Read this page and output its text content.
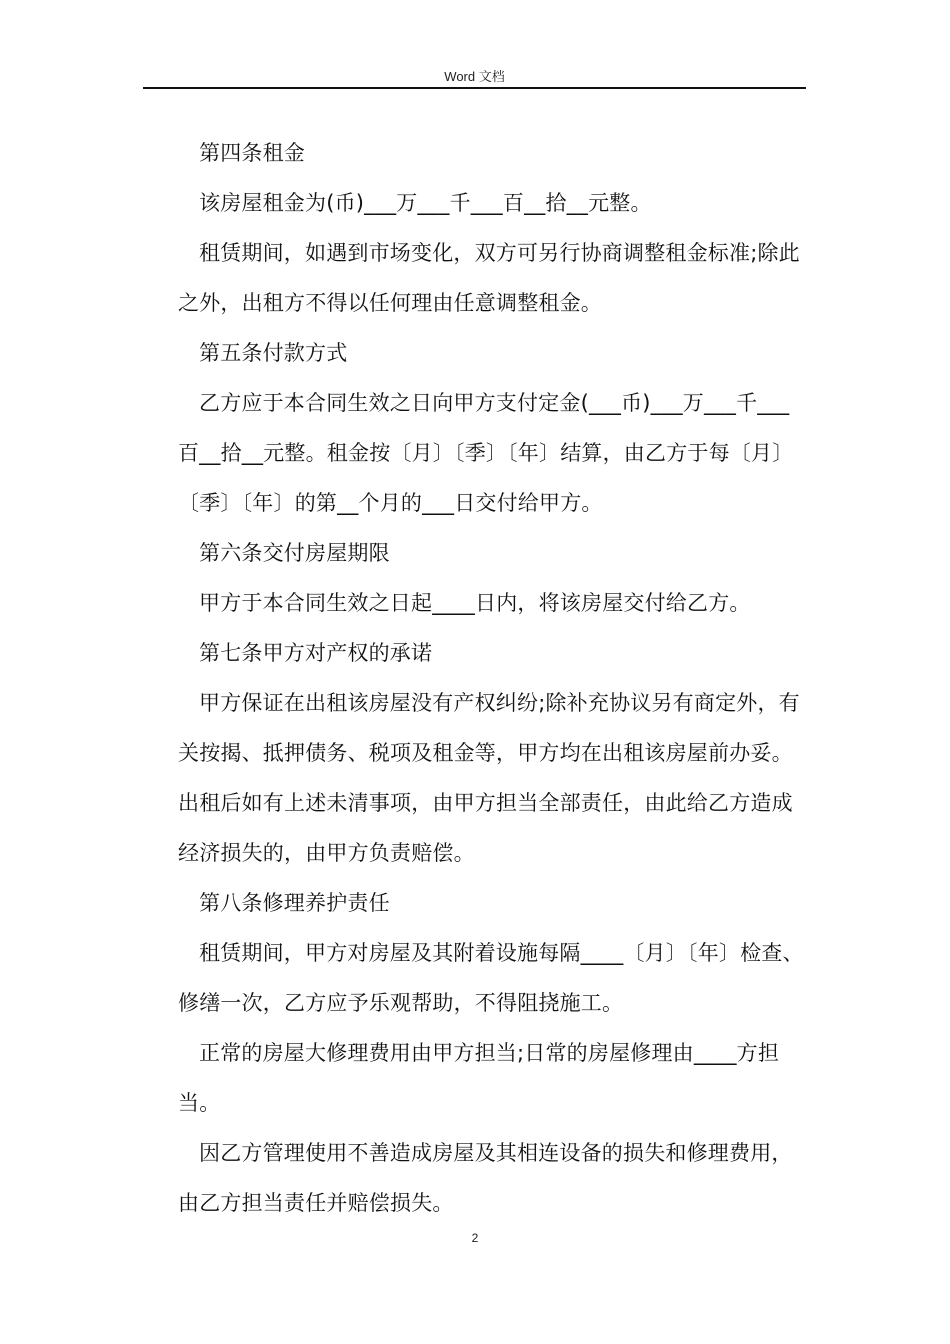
Word 文档

第四条租金

该房屋租金为(币)___万___千___百__拾__元整。

租赁期间，如遇到市场变化，双方可另行协商调整租金标准;除此之外，出租方不得以任何理由任意调整租金。

第五条付款方式

乙方应于本合同生效之日向甲方支付定金(___币)___万___千___百__拾__元整。租金按〔月〕〔季〕〔年〕结算，由乙方于每〔月〕〔季〕〔年〕的第__个月的___日交付给甲方。

第六条交付房屋期限

甲方于本合同生效之日起____日内，将该房屋交付给乙方。

第七条甲方对产权的承诺

甲方保证在出租该房屋没有产权纠纷;除补充协议另有商定外，有关按揭、抵押债务、税项及租金等，甲方均在出租该房屋前办妥。出租后如有上述未清事项，由甲方担当全部责任，由此给乙方造成经济损失的，由甲方负责赔偿。

第八条修理养护责任

租赁期间，甲方对房屋及其附着设施每隔____〔月〕〔年〕检查、修缮一次，乙方应予乐观帮助，不得阻挠施工。

正常的房屋大修理费用由甲方担当;日常的房屋修理由____方担当。

因乙方管理使用不善造成房屋及其相连设备的损失和修理费用，由乙方担当责任并赔偿损失。

2
